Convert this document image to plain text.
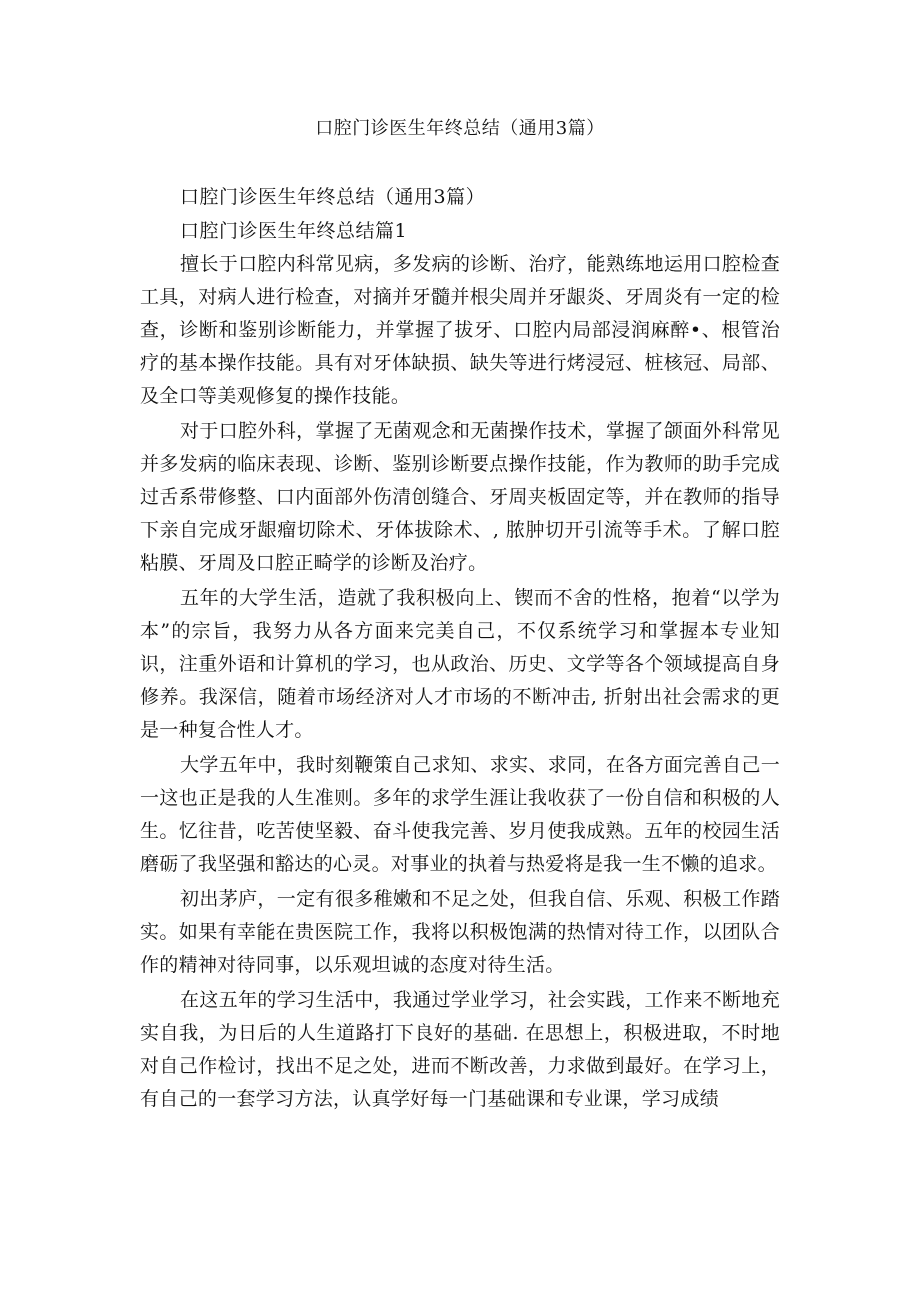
口腔门诊医生年终总结（通用3篇）

口腔门诊医生年终总结（通用3篇）

口腔门诊医生年终总结篇1

擅长于口腔内科常见病，多发病的诊断、治疗，能熟练地运用口腔检查工具，对病人进行检查，对摘并牙髓并根尖周并牙龈炎、牙周炎有一定的检查，诊断和鉴别诊断能力，并掌握了拔牙、口腔内局部浸润麻醉•、根管治疗的基本操作技能。具有对牙体缺损、缺失等进行烤浸冠、桩核冠、局部、及全口等美观修复的操作技能。

对于口腔外科，掌握了无菌观念和无菌操作技术，掌握了颌面外科常见并多发病的临床表现、诊断、鉴别诊断要点操作技能，作为教师的助手完成过舌系带修整、口内面部外伤清创缝合、牙周夹板固定等，并在教师的指导下亲自完成牙龈瘤切除术、牙体拔除术、, 脓肿切开引流等手术。了解口腔粘膜、牙周及口腔正畸学的诊断及治疗。

五年的大学生活，造就了我积极向上、锲而不舍的性格，抱着“以学为本”的宗旨，我努力从各方面来完美自己，不仅系统学习和掌握本专业知识，注重外语和计算机的学习，也从政治、历史、文学等各个领域提高自身修养。我深信，随着市场经济对人才市场的不断冲击, 折射出社会需求的更是一种复合性人才。

大学五年中，我时刻鞭策自己求知、求实、求同，在各方面完善自己一一这也正是我的人生准则。多年的求学生涯让我收获了一份自信和积极的人生。忆往昔，吃苦使坚毅、奋斗使我完善、岁月使我成熟。五年的校园生活磨砺了我坚强和豁达的心灵。对事业的执着与热爱将是我一生不懒的追求。

初出茅庐，一定有很多稚嫩和不足之处，但我自信、乐观、积极工作踏实。如果有幸能在贵医院工作，我将以积极饱满的热情对待工作，以团队合作的精神对待同事，以乐观坦诚的态度对待生活。

在这五年的学习生活中，我通过学业学习，社会实践，工作来不断地充实自我，为日后的人生道路打下良好的基础. 在思想上，积极进取，不时地对自己作检讨，找出不足之处，进而不断改善，力求做到最好。在学习上，有自己的一套学习方法，认真学好每一门基础课和专业课，学习成绩
